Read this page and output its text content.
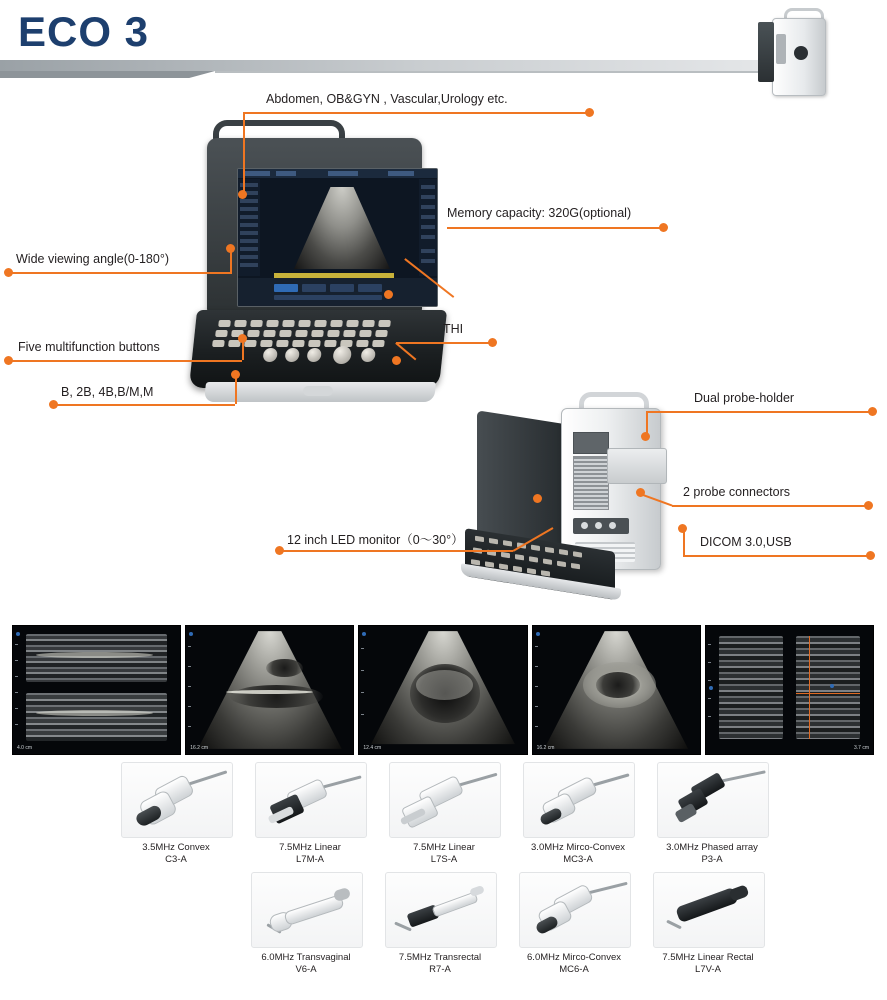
ECO 3
Abdomen, OB&GYN , Vascular,Urology etc.
Memory capacity: 320G(optional)
Wide viewing angle(0-180°)
THI
Five multifunction buttons
B, 2B, 4B,B/M,M	Dual probe-holder
2 probe connectors
12 inch LED monitor（0～30°）	DICOM 3.0,USB
4.0 cm	16.2 cm	12.4 cm	16.2 cm	3.7 cm
3.5MHz Convex
C3-A
7.5MHz Linear
L7M-A
7.5MHz Linear
L7S-A
3.0MHz Mirco-Convex
MC3-A
3.0MHz Phased array
P3-A
6.0MHz Transvaginal
V6-A
7.5MHz Transrectal
R7-A
6.0MHz Mirco-Convex
MC6-A
7.5MHz Linear Rectal
L7V-A
